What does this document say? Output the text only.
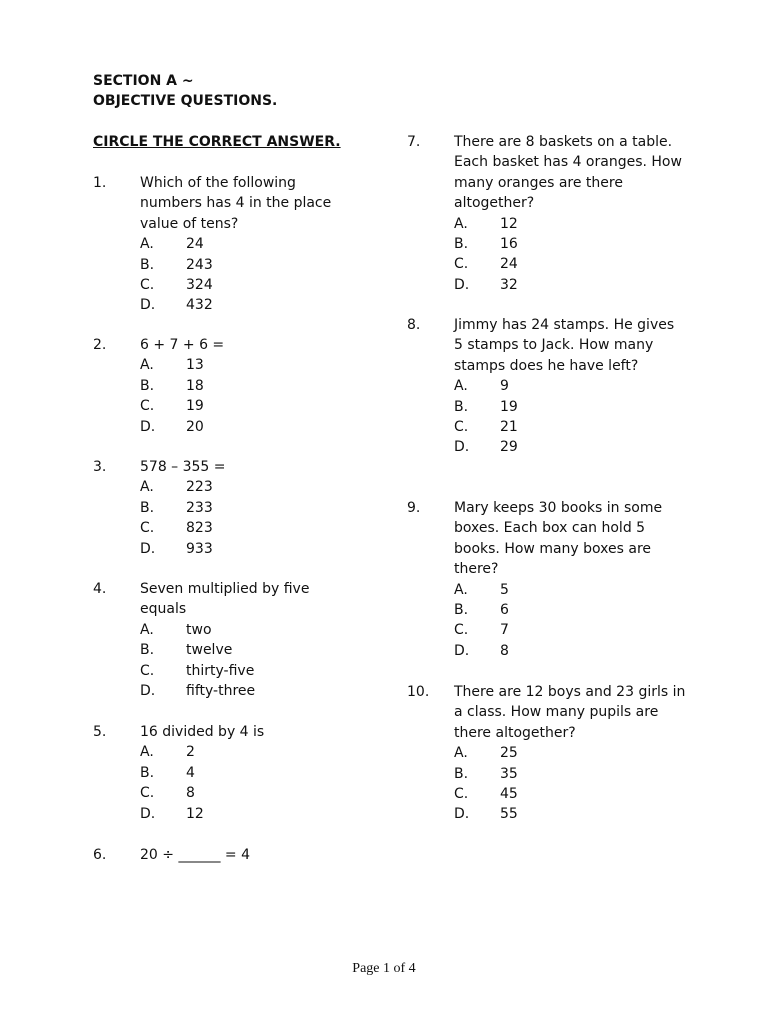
SECTION A ~
OBJECTIVE QUESTIONS.
CIRCLE THE CORRECT ANSWER.
1.	Which of the following numbers has 4 in the place value of tens?
A.	24
B.	243
C.	324
D.	432
2.	6 + 7 + 6 =
A.	13
B.	18
C.	19
D.	20
3.	578 – 355 =
A.	223
B.	233
C.	823
D.	933
4.	Seven multiplied by five equals
A.	two
B.	twelve
C.	thirty-five
D.	fifty-three
5.	16 divided by 4 is
A.	2
B.	4
C.	8
D.	12
6.	20 ÷ ______ = 4
7.	There are 8 baskets on a table. Each basket has 4 oranges. How many oranges are there altogether?
A.	12
B.	16
C.	24
D.	32
8.	Jimmy has 24 stamps. He gives 5 stamps to Jack. How many stamps does he have left?
A.	9
B.	19
C.	21
D.	29
9.	Mary keeps 30 books in some boxes. Each box can hold 5 books. How many boxes are there?
A.	5
B.	6
C.	7
D.	8
10.	There are 12 boys and 23 girls in a class. How many pupils are there altogether?
A.	25
B.	35
C.	45
D.	55
Page 1 of 4
